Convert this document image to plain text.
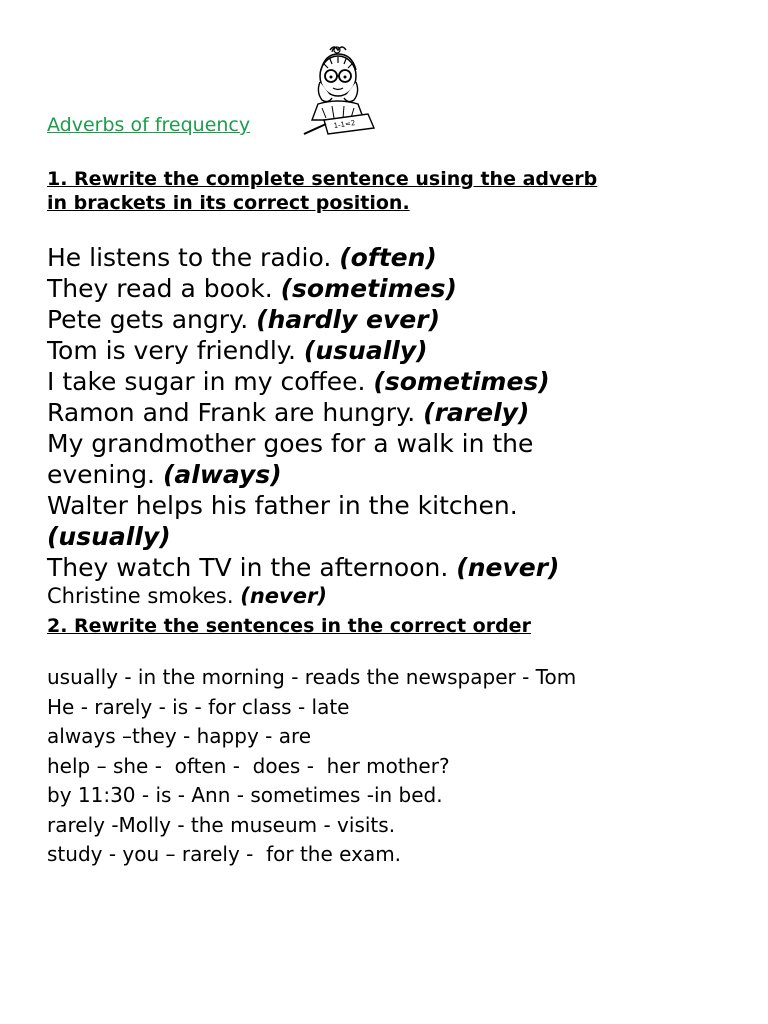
Adverbs of frequency	1-1=2
1. Rewrite the complete sentence using the adverb
in brackets in its correct position.
He listens to the radio. (often)
They read a book. (sometimes)
Pete gets angry. (hardly ever)
Tom is very friendly. (usually)
I take sugar in my coffee. (sometimes)
Ramon and Frank are hungry. (rarely)
My grandmother goes for a walk in the
evening. (always)
Walter helps his father in the kitchen.
(usually)
They watch TV in the afternoon. (never)
Christine smokes. (never)
2. Rewrite the sentences in the correct order
usually - in the morning - reads the newspaper - Tom
He - rarely - is - for class - late
always –they - happy - are
help – she -  often -  does -  her mother?
by 11:30 - is - Ann - sometimes -in bed.
rarely -Molly - the museum - visits.
study - you – rarely -  for the exam.
